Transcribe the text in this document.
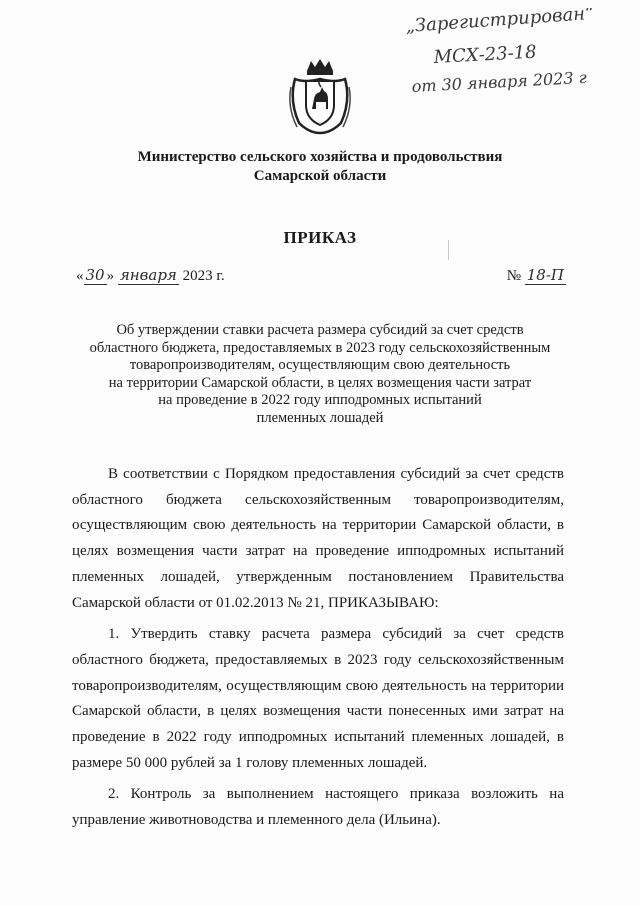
„Зарегистрирован“
МСХ-23-18
от 30 января 2023 г
Министерство сельского хозяйства и продовольствия
Самарской области
ПРИКАЗ
« 30 » января 2023 г.	№ 18-П
Об утверждении ставки расчета размера субсидий за счет средств
областного бюджета, предоставляемых в 2023 году сельскохозяйственным
товаропроизводителям, осуществляющим свою деятельность
на территории Самарской области, в целях возмещения части затрат
на проведение в 2022 году ипподромных испытаний
племенных лошадей

В соответствии с Порядком предоставления субсидий за счет средств областного бюджета сельскохозяйственным товаропроизводителям, осуществляющим свою деятельность на территории Самарской области, в целях возмещения части затрат на проведение ипподромных испытаний племенных лошадей, утвержденным постановлением Правительства Самарской области от 01.02.2013 № 21, ПРИКАЗЫВАЮ:

1. Утвердить ставку расчета размера субсидий за счет средств областного бюджета, предоставляемых в 2023 году сельскохозяйственным товаропроизводителям, осуществляющим свою деятельность на территории Самарской области, в целях возмещения части понесенных ими затрат на проведение в 2022 году ипподромных испытаний племенных лошадей, в размере 50 000 рублей за 1 голову племенных лошадей.

2. Контроль за выполнением настоящего приказа возложить на управление животноводства и племенного дела (Ильина).
